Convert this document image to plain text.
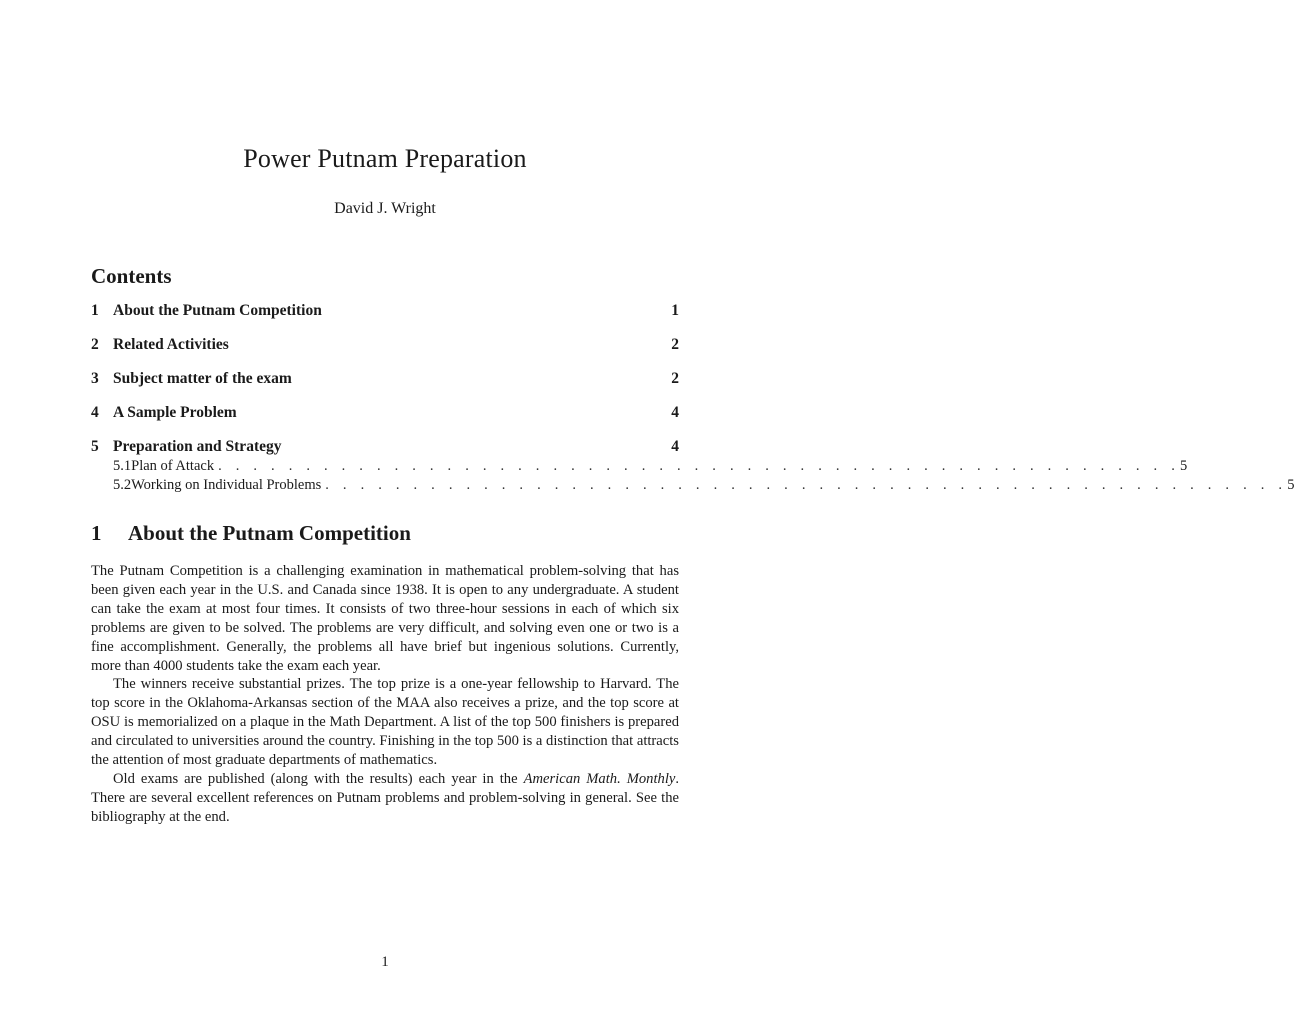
Power Putnam Preparation
David J. Wright
Contents
1 About the Putnam Competition	1
2 Related Activities	2
3 Subject matter of the exam	2
4 A Sample Problem	4
5 Preparation and Strategy	4
5.1 Plan of Attack . . . . . . . . . . . . . . . . . . . . . . . . . . . . . . . . . . . . . . . . . . . . . . . . . . . . . . . 5
5.2 Working on Individual Problems . . . . . . . . . . . . . . . . . . . . . . . . . . . . . . . . . . . . . . . . . . . . . . . . . . . . . . . 5
1	About the Putnam Competition

The Putnam Competition is a challenging examination in mathematical problem-solving that has been given each year in the U.S. and Canada since 1938. It is open to any undergraduate. A student can take the exam at most four times. It consists of two three-hour sessions in each of which six problems are given to be solved. The problems are very difficult, and solving even one or two is a fine accomplishment. Generally, the problems all have brief but ingenious solutions. Currently, more than 4000 students take the exam each year.

The winners receive substantial prizes. The top prize is a one-year fellowship to Harvard. The top score in the Oklahoma-Arkansas section of the MAA also receives a prize, and the top score at OSU is memorialized on a plaque in the Math Department. A list of the top 500 finishers is prepared and circulated to universities around the country. Finishing in the top 500 is a distinction that attracts the attention of most graduate departments of mathematics.

Old exams are published (along with the results) each year in the American Math. Monthly. There are several excellent references on Putnam problems and problem-solving in general. See the bibliography at the end.

1
